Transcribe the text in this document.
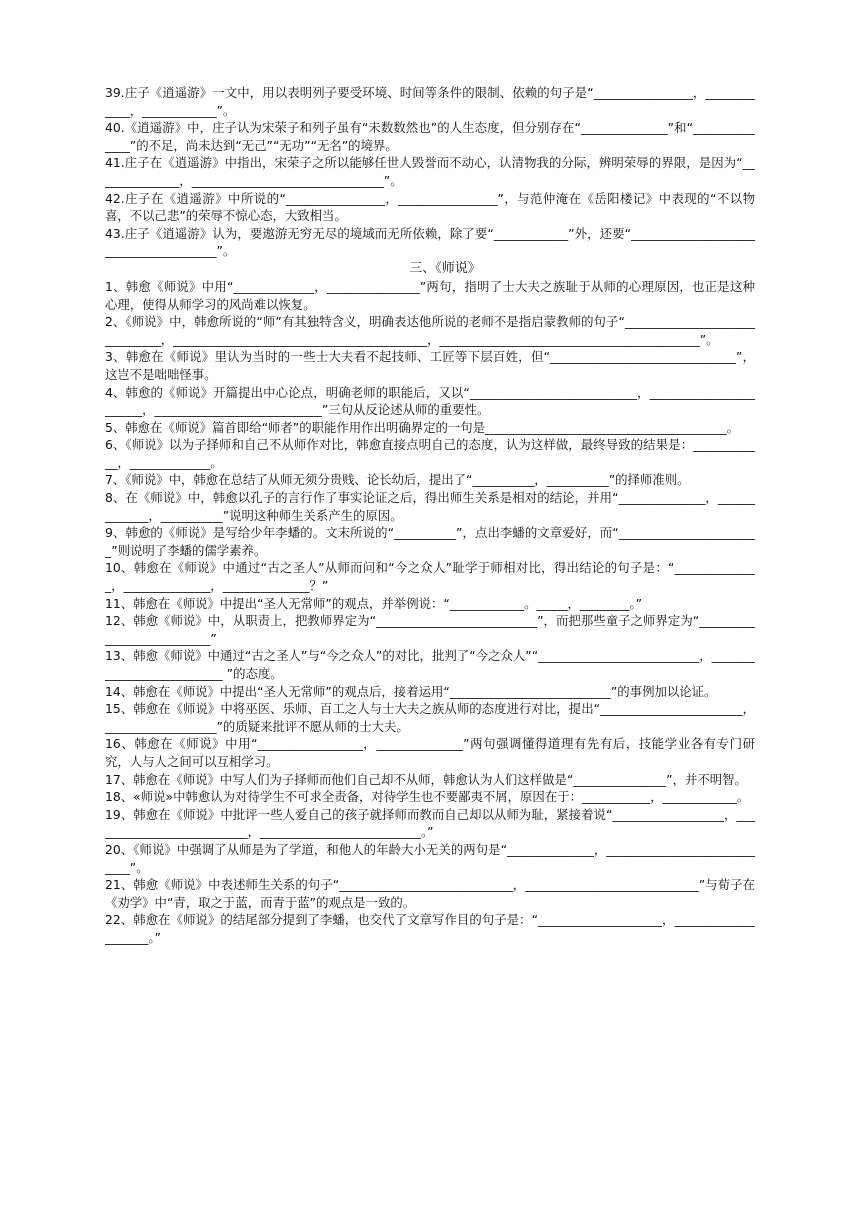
39.庄子《逍遥游》一文中，用以表明列子要受环境、时间等条件的限制、依赖的句子是“________________，____________，____________”。

40.《逍遥游》中，庄子认为宋荣子和列子虽有“未数数然也”的人生态度，但分别存在“______________”和“______________”的不足，尚未达到“无己”“无功”“无名”的境界。

41.庄子在《逍遥游》中指出，宋荣子之所以能够任世人毁誉而不动心，认清物我的分际，辨明荣辱的界限，是因为“______________，_______________________________”。

42.庄子在《逍遥游》中所说的“________________，________________”，与范仲淹在《岳阳楼记》中表现的“不以物喜，不以己悲”的荣辱不惊心态，大致相当。

43.庄子《逍遥游》认为，要遨游无穷无尽的境域而无所依赖，除了要“____________”外，还要“______________________________________”。

三、《师说》

1、韩愈《师说》中用“_____________，_______________”两句，指明了士大夫之族耻于从师的心理原因，也正是这种心理，使得从师学习的风尚难以恢复。

2、《师说》中，韩愈所说的“师”有其独特含义，明确表达他所说的老师不是指启蒙教师的句子“______________________________，_________________________________________，__________________________________________”。

3、韩愈在《师说》里认为当时的一些士大夫看不起技师、工匠等下层百姓，但“______________________________”，这岂不是咄咄怪事。

4、韩愈的《师说》开篇提出中心论点，明确老师的职能后，又以“___________________________，_______________________，___________________________”三句从反论述从师的重要性。

5、韩愈在《师说》篇首即给“师者”的职能作用作出明确界定的一句是_______________________________________。

6、《师说》以为子择师和自己不从师作对比，韩愈直接点明自己的态度，认为这样做，最终导致的结果是：____________，_____________。

7、《师说》中，韩愈在总结了从师无须分贵贱、论长幼后，提出了“__________，__________”的择师准则。

8、在《师说》中，韩愈以孔子的言行作了事实论证之后，得出师生关系是相对的结论，并用“______________，_____________，__________”说明这种师生关系产生的原因。

9、韩愈的《师说》是写给少年李蟠的。文末所说的“__________”，点出李蟠的文章爱好，而“_______________________”则说明了李蟠的儒学素养。

10、韩愈在《师说》中通过“古之圣人”从师而问和“今之众人”耻学于师相对比，得出结论的句子是：“______________，______________，______________？”

11、韩愈在《师说》中提出“圣人无常师”的观点，并举例说：“____________。_____，________。”

12、韩愈《师说》中，从职责上，把教师界定为“__________________________”，而把那些童子之师界定为“__________________________”

13、韩愈《师说》中通过“古之圣人”与“今之众人”的对比，批判了“今之众人”“__________________________，__________________________ ”的态度。

14、韩愈在《师说》中提出“圣人无常师”的观点后，接着运用“__________________________”的事例加以论证。

15、韩愈在《师说》中将巫医、乐师、百工之人与士大夫之族从师的态度进行对比，提出“_______________________，__________________”的质疑来批评不愿从师的士大夫。

16、韩愈在《师说》中用“_________________，______________”两句强调懂得道理有先有后，技能学业各有专门研究，人与人之间可以互相学习。

17、韩愈在《师说》中写人们为子择师而他们自己却不从师，韩愈认为人们这样做是“_______________”，并不明智。

18、«师说»中韩愈认为对待学生不可求全责备，对待学生也不要鄙夷不屑，原因在于：___________，____________。

19、韩愈在《师说》中批评一些人爱自己的孩子就择师而教而自己却以从师为耻，紧接着说“__________________，__________________________，__________________________。”

20、《师说》中强调了从师是为了学道，和他人的年龄大小无关的两句是“______________，____________________________”。

21、韩愈《师说》中表述师生关系的句子“____________________________，____________________________”与荀子在《劝学》中“青，取之于蓝，而青于蓝”的观点是一致的。

22、韩愈在《师说》的结尾部分提到了李蟠，也交代了文章写作目的句子是：“____________________，____________________。”
